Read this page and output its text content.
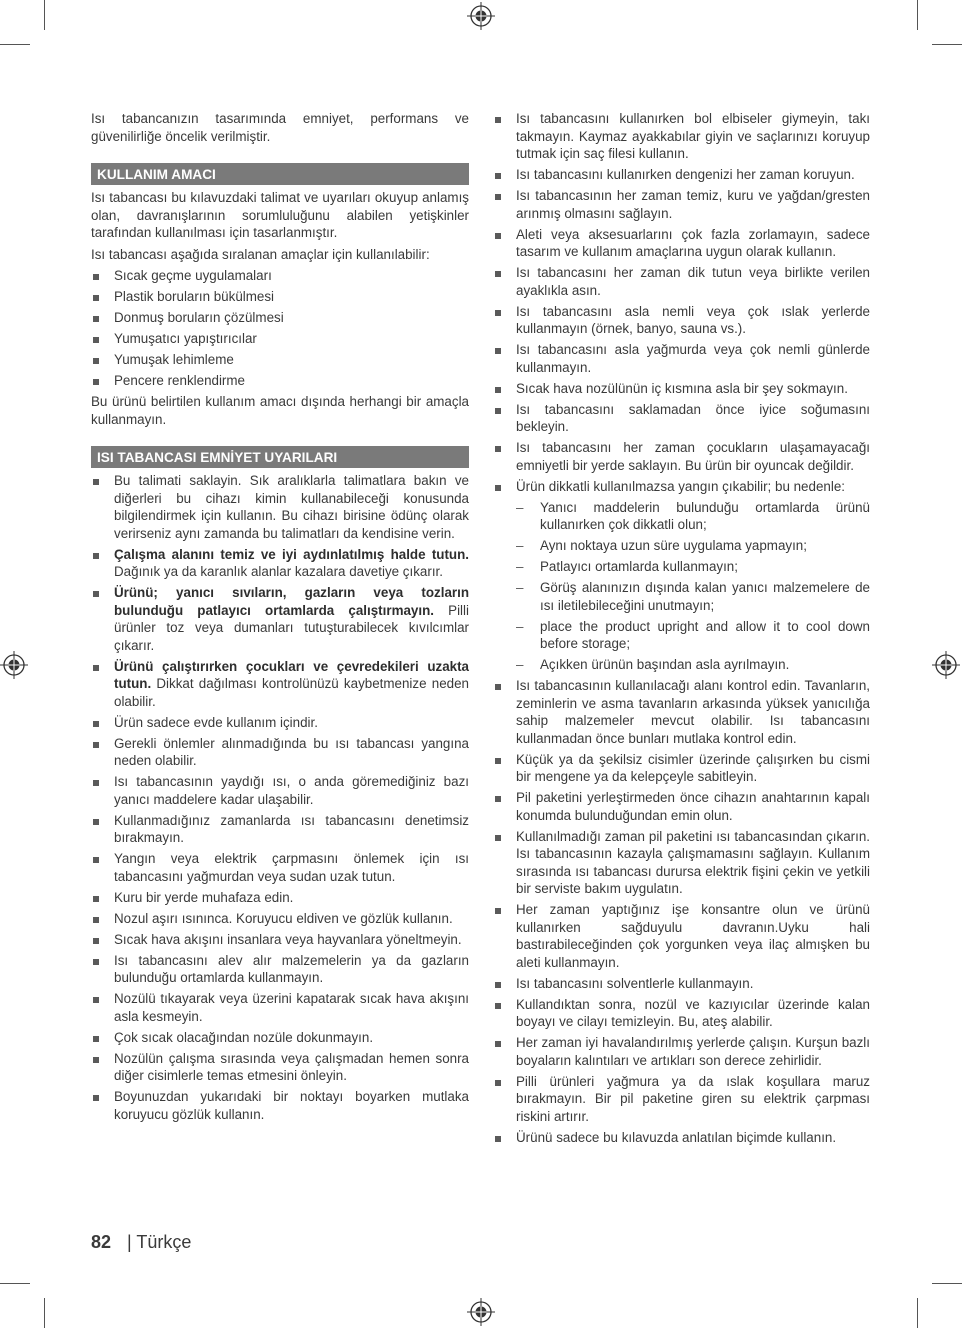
Isı tabancanızın tasarımında emniyet, performans ve güvenilirliğe öncelik verilmiştir.

KULLANIM AMACI

Isı tabancası bu kılavuzdaki talimat ve uyarıları okuyup anlamış olan, davranışlarının sorumluluğunu alabilen yetişkinler tarafından kullanılması için tasarlanmıştır.

Isı tabancası aşağıda sıralanan amaçlar için kullanılabilir:

Sıcak geçme uygulamaları
Plastik boruların bükülmesi
Donmuş boruların çözülmesi
Yumuşatıcı yapıştırıcılar
Yumuşak lehimleme
Pencere renklendirme

Bu ürünü belirtilen kullanım amacı dışında herhangi bir amaçla kullanmayın.

ISI TABANCASI EMNİYET UYARILARI
Bu talimati saklayin. Sık aralıklarla talimatlara bakın ve diğerleri bu cihazı kimin kullanabileceği konusunda bilgilendirmek için kullanın. Bu cihazı birisine ödünç olarak verirseniz aynı zamanda bu talimatları da kendisine verin.
Çalışma alanını temiz ve iyi aydınlatılmış halde tutun. Dağınık ya da karanlık alanlar kazalara davetiye çıkarır.
Ürünü; yanıcı sıvıların, gazların veya tozların bulunduğu patlayıcı ortamlarda çalıştırmayın. Pilli ürünler toz veya dumanları tutuşturabilecek kıvılcımlar çıkarır.
Ürünü çalıştırırken çocukları ve çevredekileri uzakta tutun. Dikkat dağılması kontrolünüzü kaybetmenize neden olabilir.
Ürün sadece evde kullanım içindir.
Gerekli önlemler alınmadığında bu ısı tabancası yangına neden olabilir.
Isı tabancasının yaydığı ısı, o anda göremediğiniz bazı yanıcı maddelere kadar ulaşabilir.
Kullanmadığınız zamanlarda ısı tabancasını denetimsiz bırakmayın.
Yangın veya elektrik çarpmasını önlemek için ısı tabancasını yağmurdan veya sudan uzak tutun.
Kuru bir yerde muhafaza edin.
Nozul aşırı ısınınca. Koruyucu eldiven ve gözlük kullanın.
Sıcak hava akışını insanlara veya hayvanlara yöneltmeyin.
Isı tabancasını alev alır malzemelerin ya da gazların bulunduğu ortamlarda kullanmayın.
Nozülü tıkayarak veya üzerini kapatarak sıcak hava akışını asla kesmeyin.
Çok sıcak olacağından nozüle dokunmayın.
Nozülün çalışma sırasında veya çalışmadan hemen sonra diğer cisimlerle temas etmesini önleyin.
Boyunuzdan yukarıdaki bir noktayı boyarken mutlaka koruyucu gözlük kullanın.
Isı tabancasını kullanırken bol elbiseler giymeyin, takı takmayın. Kaymaz ayakkabılar giyin ve saçlarınızı koruyup tutmak için saç filesi kullanın.
Isı tabancasını kullanırken dengenizi her zaman koruyun.
Isı tabancasının her zaman temiz, kuru ve yağdan/gresten arınmış olmasını sağlayın.
Aleti veya aksesuarlarını çok fazla zorlamayın, sadece tasarım ve kullanım amaçlarına uygun olarak kullanın.
Isı tabancasını her zaman dik tutun veya birlikte verilen ayaklıkla asın.
Isı tabancasını asla nemli veya çok ıslak yerlerde kullanmayın (örnek, banyo, sauna vs.).
Isı tabancasını asla yağmurda veya çok nemli günlerde kullanmayın.
Sıcak hava nozülünün iç kısmına asla bir şey sokmayın.
Isı tabancasını saklamadan önce iyice soğumasını bekleyin.
Isı tabancasını her zaman çocukların ulaşamayacağı emniyetli bir yerde saklayın. Bu ürün bir oyuncak değildir.
Ürün dikkatli kullanılmazsa yangın çıkabilir; bu nedenle:
– Yanıcı maddelerin bulunduğu ortamlarda ürünü kullanırken çok dikkatli olun;
– Aynı noktaya uzun süre uygulama yapmayın;
– Patlayıcı ortamlarda kullanmayın;
– Görüş alanınızın dışında kalan yanıcı malzemelere de ısı iletilebileceğini unutmayın;
– place the product upright and allow it to cool down before storage;
– Açıkken ürünün başından asla ayrılmayın.
Isı tabancasının kullanılacağı alanı kontrol edin. Tavanların, zeminlerin ve asma tavanların arkasında yüksek yanıcılığa sahip malzemeler mevcut olabilir. Isı tabancasını kullanmadan önce bunları mutlaka kontrol edin.
Küçük ya da şekilsiz cisimler üzerinde çalışırken bu cismi bir mengene ya da kelepçeyle sabitleyin.
Pil paketini yerleştirmeden önce cihazın anahtarının kapalı konumda bulunduğundan emin olun.
Kullanılmadığı zaman pil paketini ısı tabancasından çıkarın. Isı tabancasının kazayla çalışmamasını sağlayın. Kullanım sırasında ısı tabancası durursa elektrik fişini çekin ve yetkili bir serviste bakım uygulatın.
Her zaman yaptığınız işe konsantre olun ve ürünü kullanırken sağduyulu davranın.Uyku hali bastırabileceğinden çok yorgunken veya ilaç almışken bu aleti kullanmayın.
Isı tabancasını solventlerle kullanmayın.
Kullandıktan sonra, nozül ve kazıyıcılar üzerinde kalan boyayı ve cilayı temizleyin. Bu, ateş alabilir.
Her zaman iyi havalandırılmış yerlerde çalışın. Kurşun bazlı boyaların kalıntıları ve artıkları son derece zehirlidir.
Pilli ürünleri yağmura ya da ıslak koşullara maruz bırakmayın. Bir pil paketine giren su elektrik çarpması riskini artırır.
Ürünü sadece bu kılavuzda anlatılan biçimde kullanın.
82 | Türkçe
